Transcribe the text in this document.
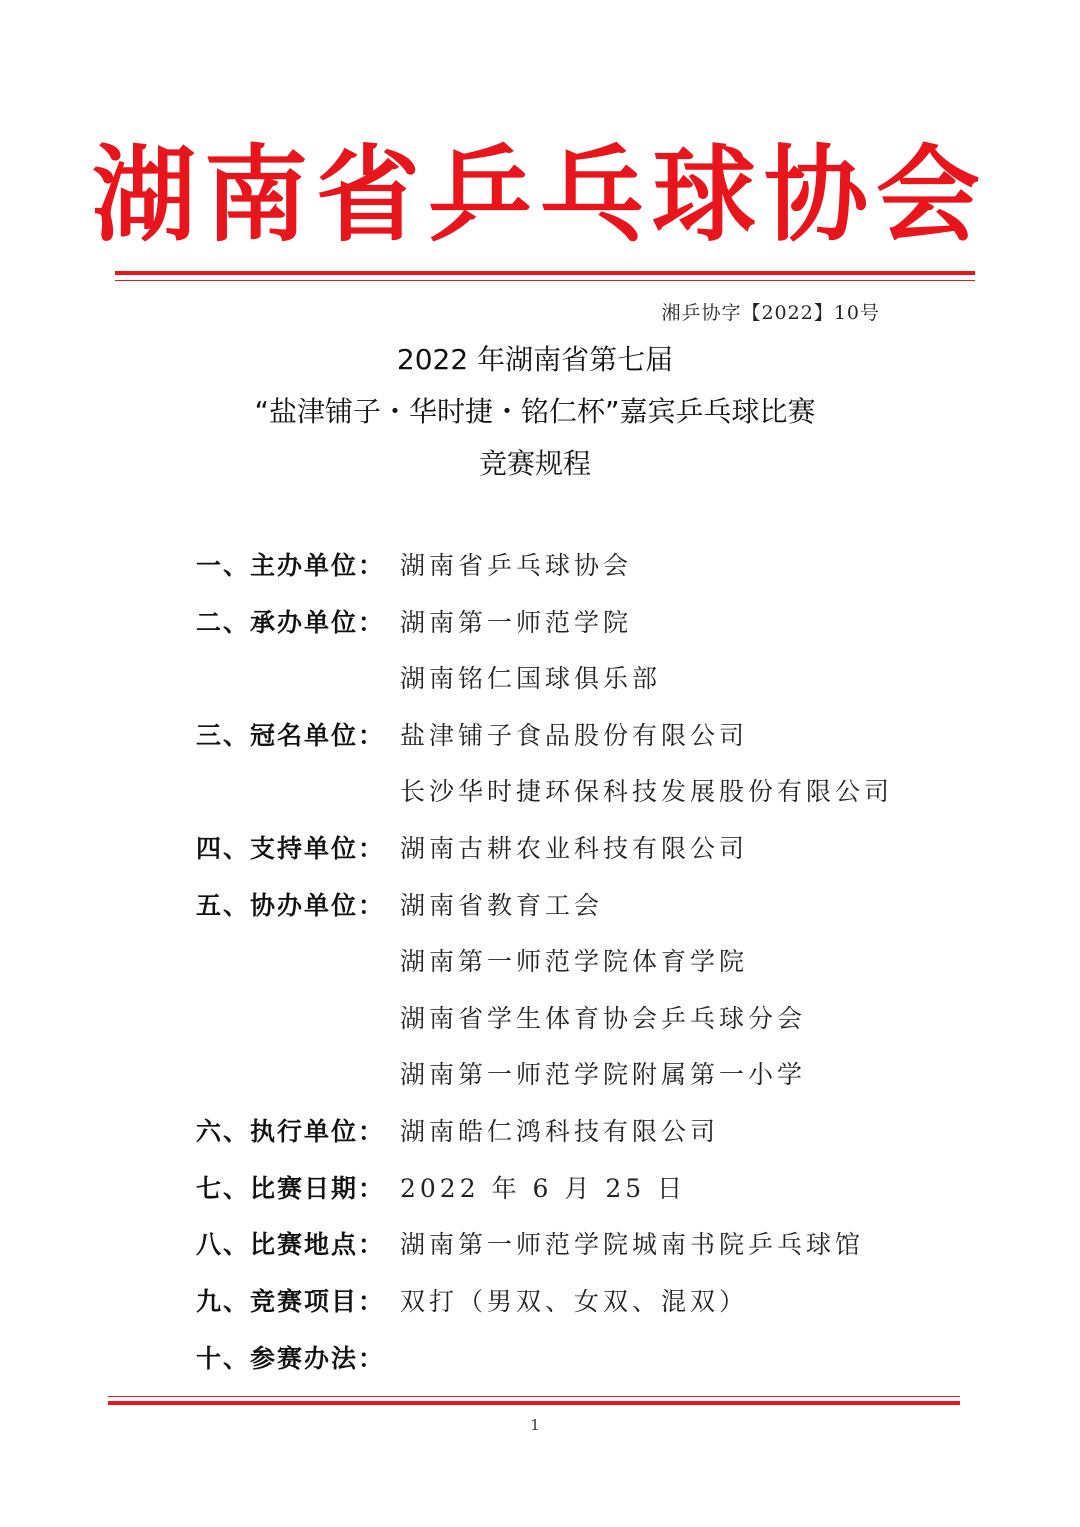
湖南省乒乓球协会
湘乒协字【2022】10号
2022 年湖南省第七届
“盐津铺子・华时捷・铭仁杯”嘉宾乒乓球比赛
竞赛规程
一、主办单位： 湖南省乒乓球协会
二、承办单位： 湖南第一师范学院
湖南铭仁国球俱乐部
三、冠名单位： 盐津铺子食品股份有限公司
长沙华时捷环保科技发展股份有限公司
四、支持单位： 湖南古耕农业科技有限公司
五、协办单位： 湖南省教育工会
湖南第一师范学院体育学院
湖南省学生体育协会乒乓球分会
湖南第一师范学院附属第一小学
六、执行单位： 湖南皓仁鸿科技有限公司
七、比赛日期： 2022 年 6 月 25 日
八、比赛地点： 湖南第一师范学院城南书院乒乓球馆
九、竞赛项目： 双打（男双、女双、混双）
十、参赛办法：
1
